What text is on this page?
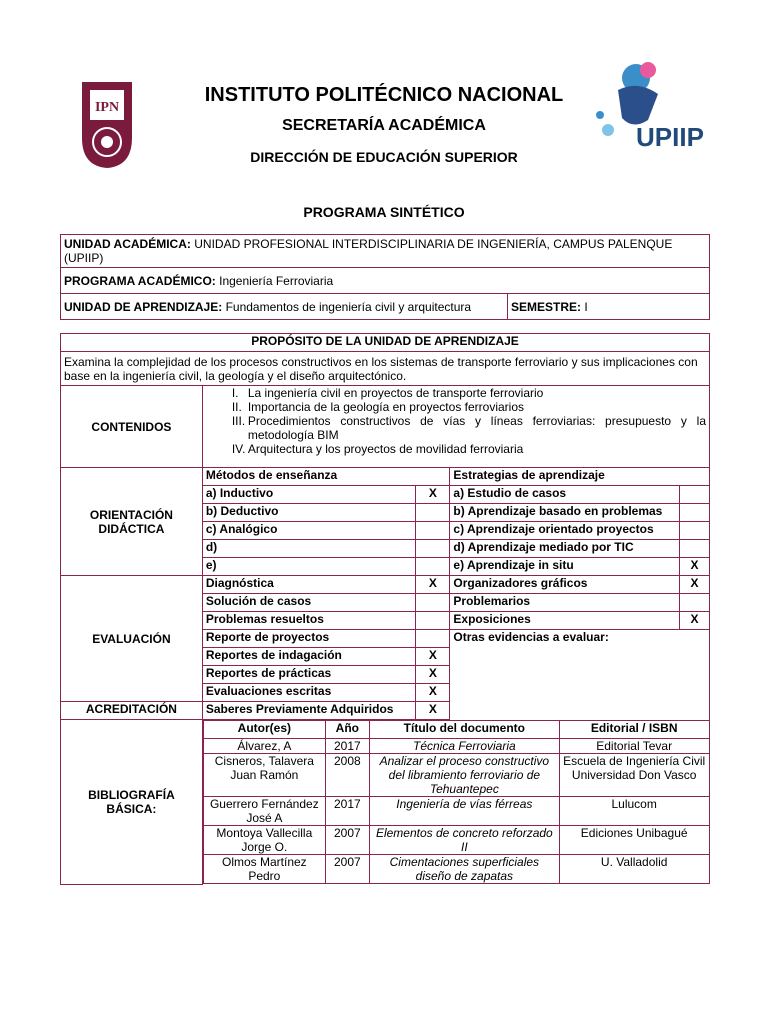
IPN
UPIIP
INSTITUTO POLITÉCNICO NACIONAL
SECRETARÍA ACADÉMICA
DIRECCIÓN DE EDUCACIÓN SUPERIOR
PROGRAMA SINTÉTICO
UNIDAD ACADÉMICA: UNIDAD PROFESIONAL INTERDISCIPLINARIA DE INGENIERÍA, CAMPUS PALENQUE (UPIIP)
PROGRAMA ACADÉMICO: Ingeniería Ferroviaria
UNIDAD DE APRENDIZAJE: Fundamentos de ingeniería civil y arquitectura	SEMESTRE: I
PROPÓSITO DE LA UNIDAD DE APRENDIZAJE
Examina la complejidad de los procesos constructivos en los sistemas de transporte ferroviario y sus implicaciones con base en la ingeniería civil, la geología y el diseño arquitectónico.
CONTENIDOS	
I. La ingeniería civil en proyectos de transporte ferroviario
II. Importancia de la geología en proyectos ferroviarios
III. Procedimientos constructivos de vías y líneas ferroviarias: presupuesto y la metodología BIM
IV. Arquitectura y los proyectos de movilidad ferroviaria

ORIENTACIÓN DIDÁCTICA	Métodos de enseñanza	Estrategias de aprendizaje
a) Inductivo	X	a) Estudio de casos	
b) Deductivo		b) Aprendizaje basado en problemas	
c) Analógico		c) Aprendizaje orientado proyectos	
d)		d) Aprendizaje mediado por TIC	
e)		e) Aprendizaje in situ	X
EVALUACIÓN	Diagnóstica	X	Organizadores gráficos	X
Solución de casos		Problemarios	
Problemas resueltos		Exposiciones	X
Reporte de proyectos		Otras evidencias a evaluar:
Reportes de indagación	X
Reportes de prácticas	X
Evaluaciones escritas	X
ACREDITACIÓN	Saberes Previamente Adquiridos	X
BIBLIOGRAFÍA BÁSICA:	
Autor(es)	Año	Título del documento	Editorial / ISBN
Álvarez, A	2017	Técnica Ferroviaria	Editorial Tevar
Cisneros, Talavera Juan Ramón	2008	Analizar el proceso constructivo del libramiento ferroviario de Tehuantepec	Escuela de Ingeniería Civil Universidad Don Vasco
Guerrero Fernández José A	2017	Ingeniería de vías férreas	Lulucom
Montoya Vallecilla Jorge O.	2007	Elementos de concreto reforzado II	Ediciones Unibagué
Olmos Martínez Pedro	2007	Cimentaciones superficiales diseño de zapatas	U. Valladolid
